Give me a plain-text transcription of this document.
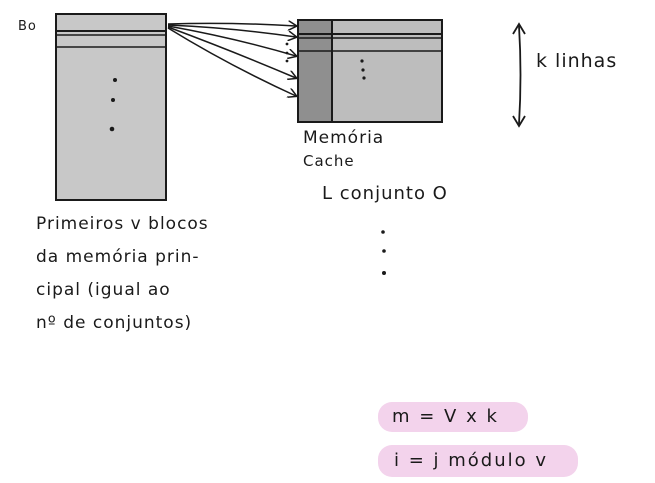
Bo
k linhas
Memória
Cache
L conjunto O
Primeiros v blocos
da memória prin-
cipal (igual ao
nº de conjuntos)
m = V x k
i = j módulo v
